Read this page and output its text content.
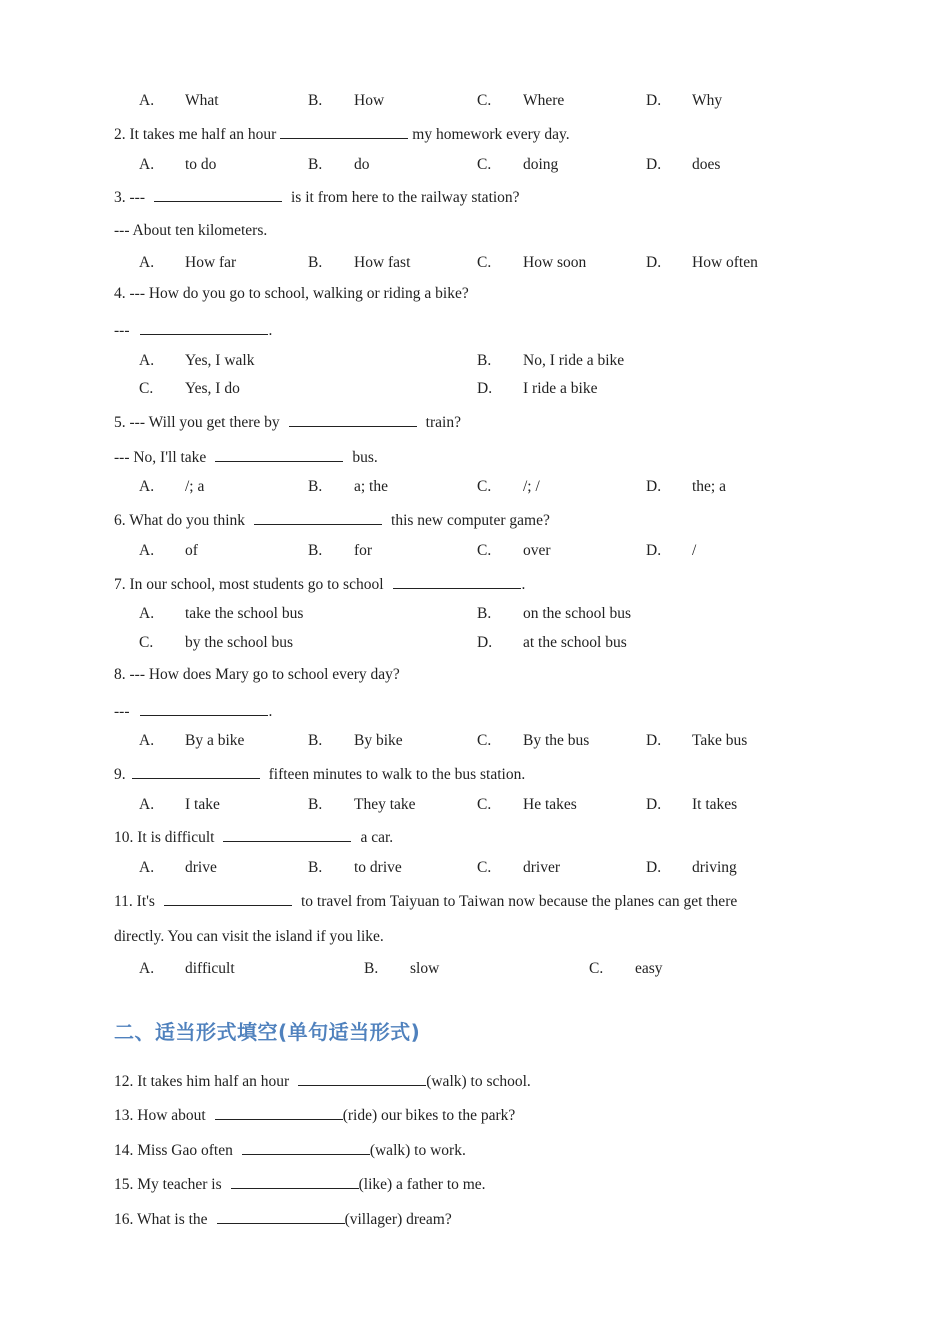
A. What	B. How	C. Where	D. Why
2. It takes me half an hour	my homework every day.
A. to do	B. do	C. doing	D. does
3. ---	is it from here to the railway station?
--- About ten kilometers.
A. How far	B. How fast	C. How soon	D. How often
4. --- How do you go to school, walking or riding a bike?
---	.
A. Yes, I walk	B. No, I ride a bike
C. Yes, I do	D. I ride a bike
5. --- Will you get there by	train?
--- No, I'll take	bus.
A. /; a	B. a; the	C. /; /	D. the; a
6. What do you think	this new computer game?
A. of	B. for	C. over	D. /
7. In our school, most students go to school	.
A. take the school bus	B. on the school bus
C. by the school bus	D. at the school bus
8. --- How does Mary go to school every day?
---	.
A. By a bike	B. By bike	C. By the bus	D. Take bus
9.	fifteen minutes to walk to the bus station.
A. I take	B. They take	C. He takes	D. It takes
10. It is difficult	a car.
A. drive	B. to drive	C. driver	D. driving
11. It's	to travel from Taiyuan to Taiwan now because the planes can get there
directly. You can visit the island if you like.
A. difficult	B. slow	C. easy
二、适当形式填空(单句适当形式)
12. It takes him half an hour	(walk) to school.
13. How about	(ride) our bikes to the park?
14. Miss Gao often	(walk) to work.
15. My teacher is	(like) a father to me.
16. What is the	(villager) dream?
